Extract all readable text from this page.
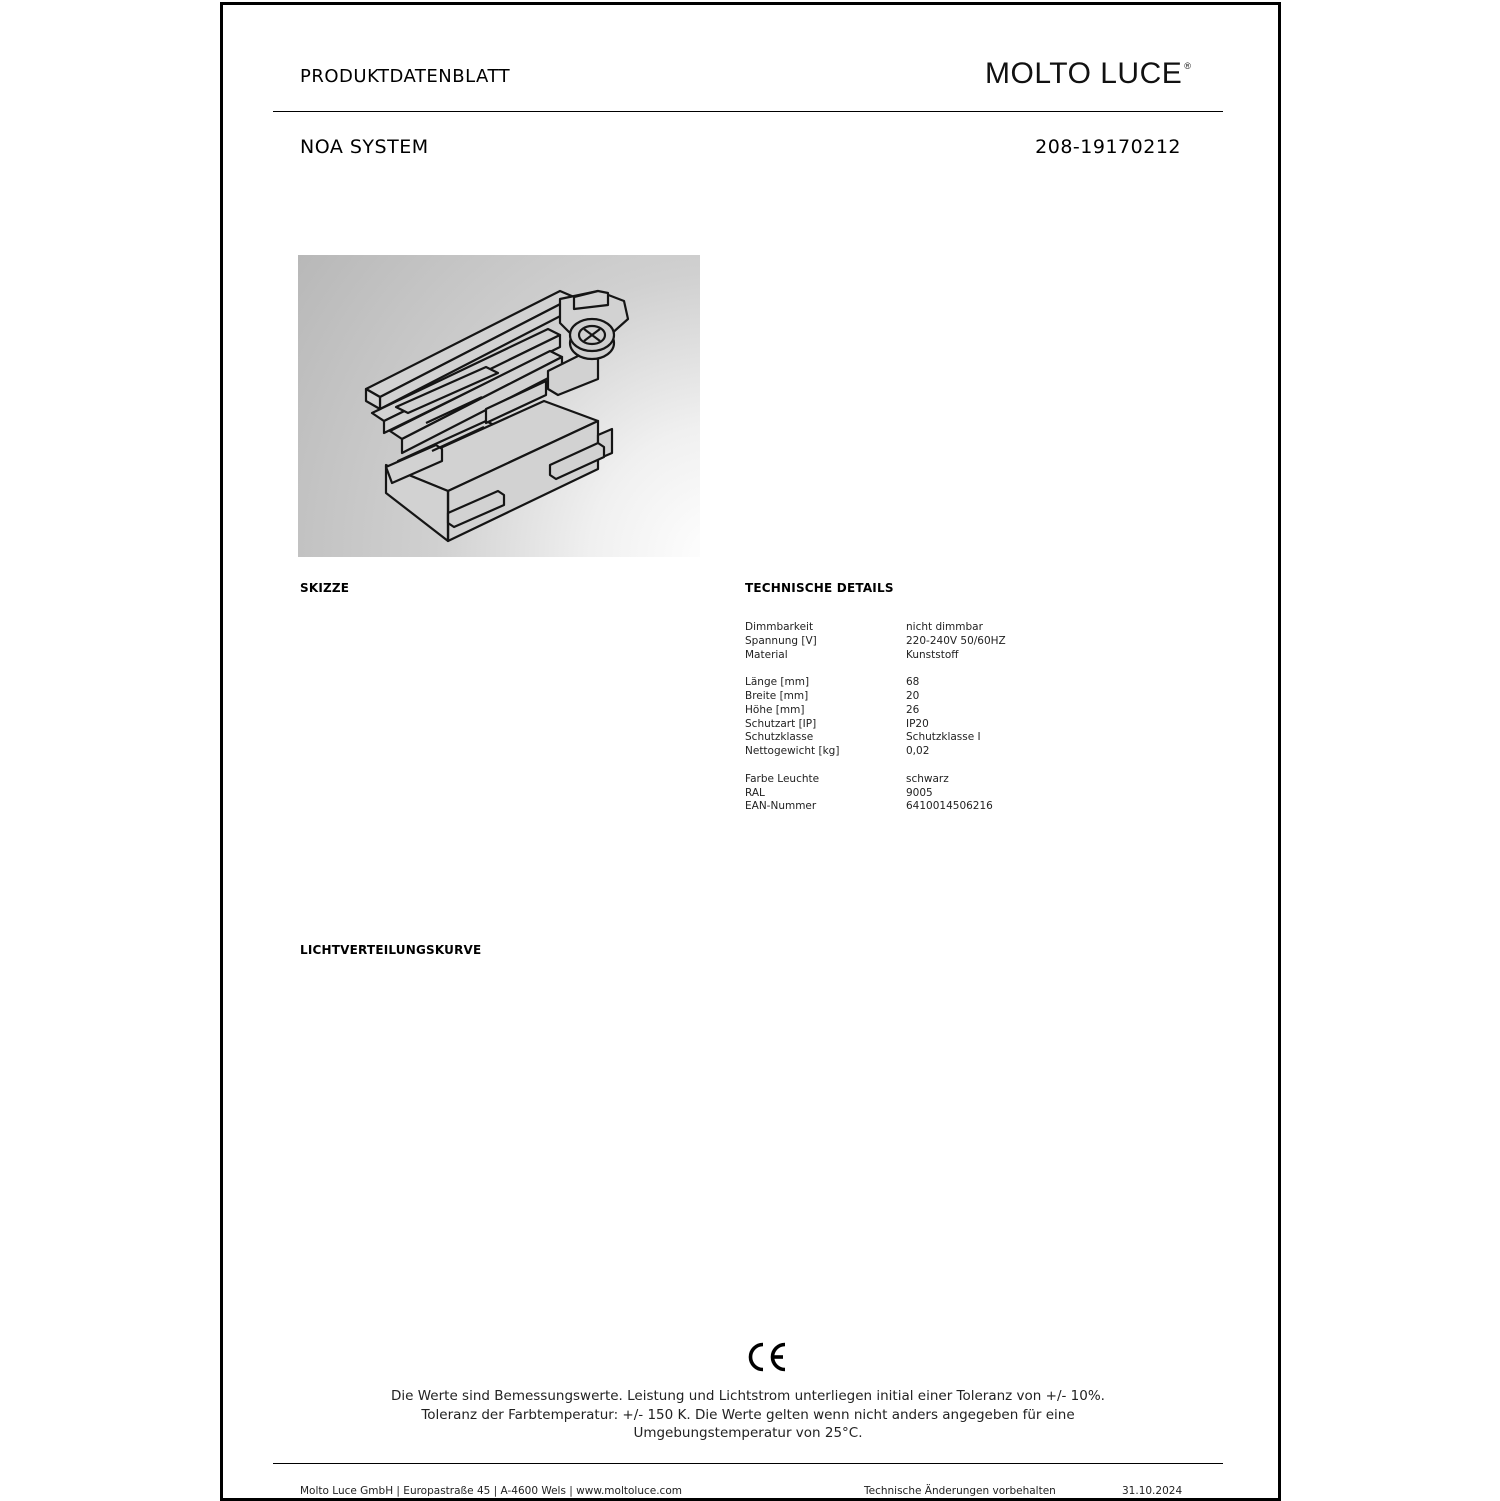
PRODUKTDATENBLATT	MOLTO LUCE ®
NOA SYSTEM	208-19170212
SKIZZE	TECHNISCHE DETAILS
Dimmbarkeit	nicht dimmbar
Spannung [V]	220-240V 50/60HZ
Material	Kunststoff
Länge [mm]	68
Breite [mm]	20
Höhe [mm]	26
Schutzart [IP]	IP20
Schutzklasse	Schutzklasse I
Nettogewicht [kg]	0,02
Farbe Leuchte	schwarz
RAL	9005
EAN-Nummer	6410014506216
LICHTVERTEILUNGSKURVE
Die Werte sind Bemessungswerte. Leistung und Lichtstrom unterliegen initial einer Toleranz von +/- 10%.
Toleranz der Farbtemperatur: +/- 150 K. Die Werte gelten wenn nicht anders angegeben für eine
Umgebungstemperatur von 25°C.
Molto Luce GmbH | Europastraße 45 | A-4600 Wels | www.moltoluce.com	Technische Änderungen vorbehalten	31.10.2024
